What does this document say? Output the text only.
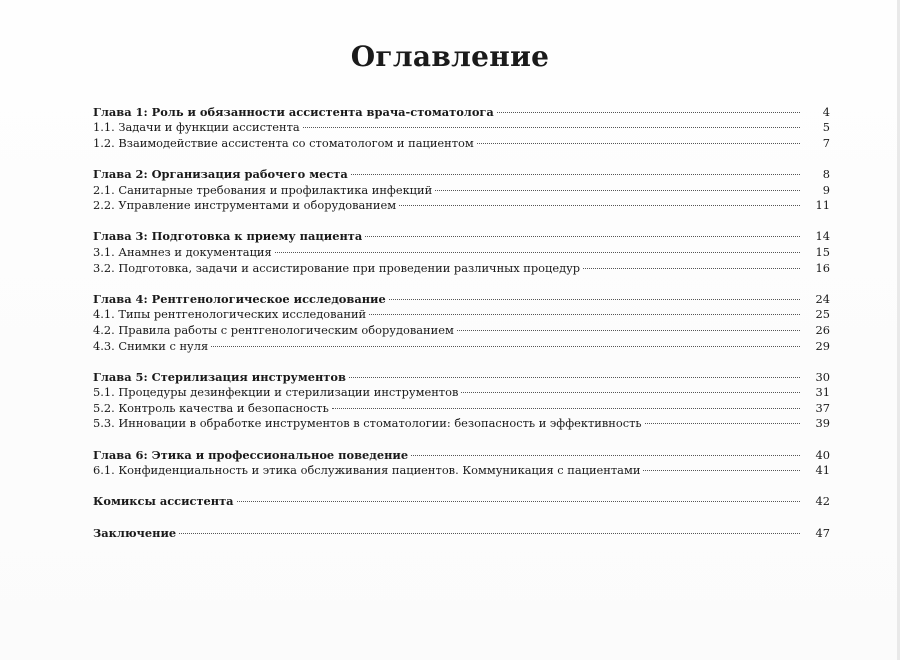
Оглавление
Глава 1: Роль и обязанности ассистента врача-стоматолога	4
1.1. Задачи и функции ассистента	5
1.2. Взаимодействие ассистента со стоматологом и пациентом	7
Глава 2: Организация рабочего места	8
2.1. Санитарные требования и профилактика инфекций	9
2.2. Управление инструментами и оборудованием	11
Глава 3: Подготовка к приему пациента	14
3.1. Анамнез и документация	15
3.2. Подготовка, задачи и ассистирование при проведении различных процедур	16
Глава 4: Рентгенологическое исследование	24
4.1. Типы рентгенологических исследований	25
4.2. Правила работы с рентгенологическим оборудованием	26
4.3. Снимки с нуля	29
Глава 5: Стерилизация инструментов	30
5.1. Процедуры дезинфекции и стерилизации инструментов	31
5.2. Контроль качества и безопасность	37
5.3. Инновации в обработке инструментов в стоматологии: безопасность и эффективность	39
Глава 6: Этика и профессиональное поведение	40
6.1. Конфиденциальность и этика обслуживания пациентов. Коммуникация с пациентами	41
Комиксы ассистента	42
Заключение	47
